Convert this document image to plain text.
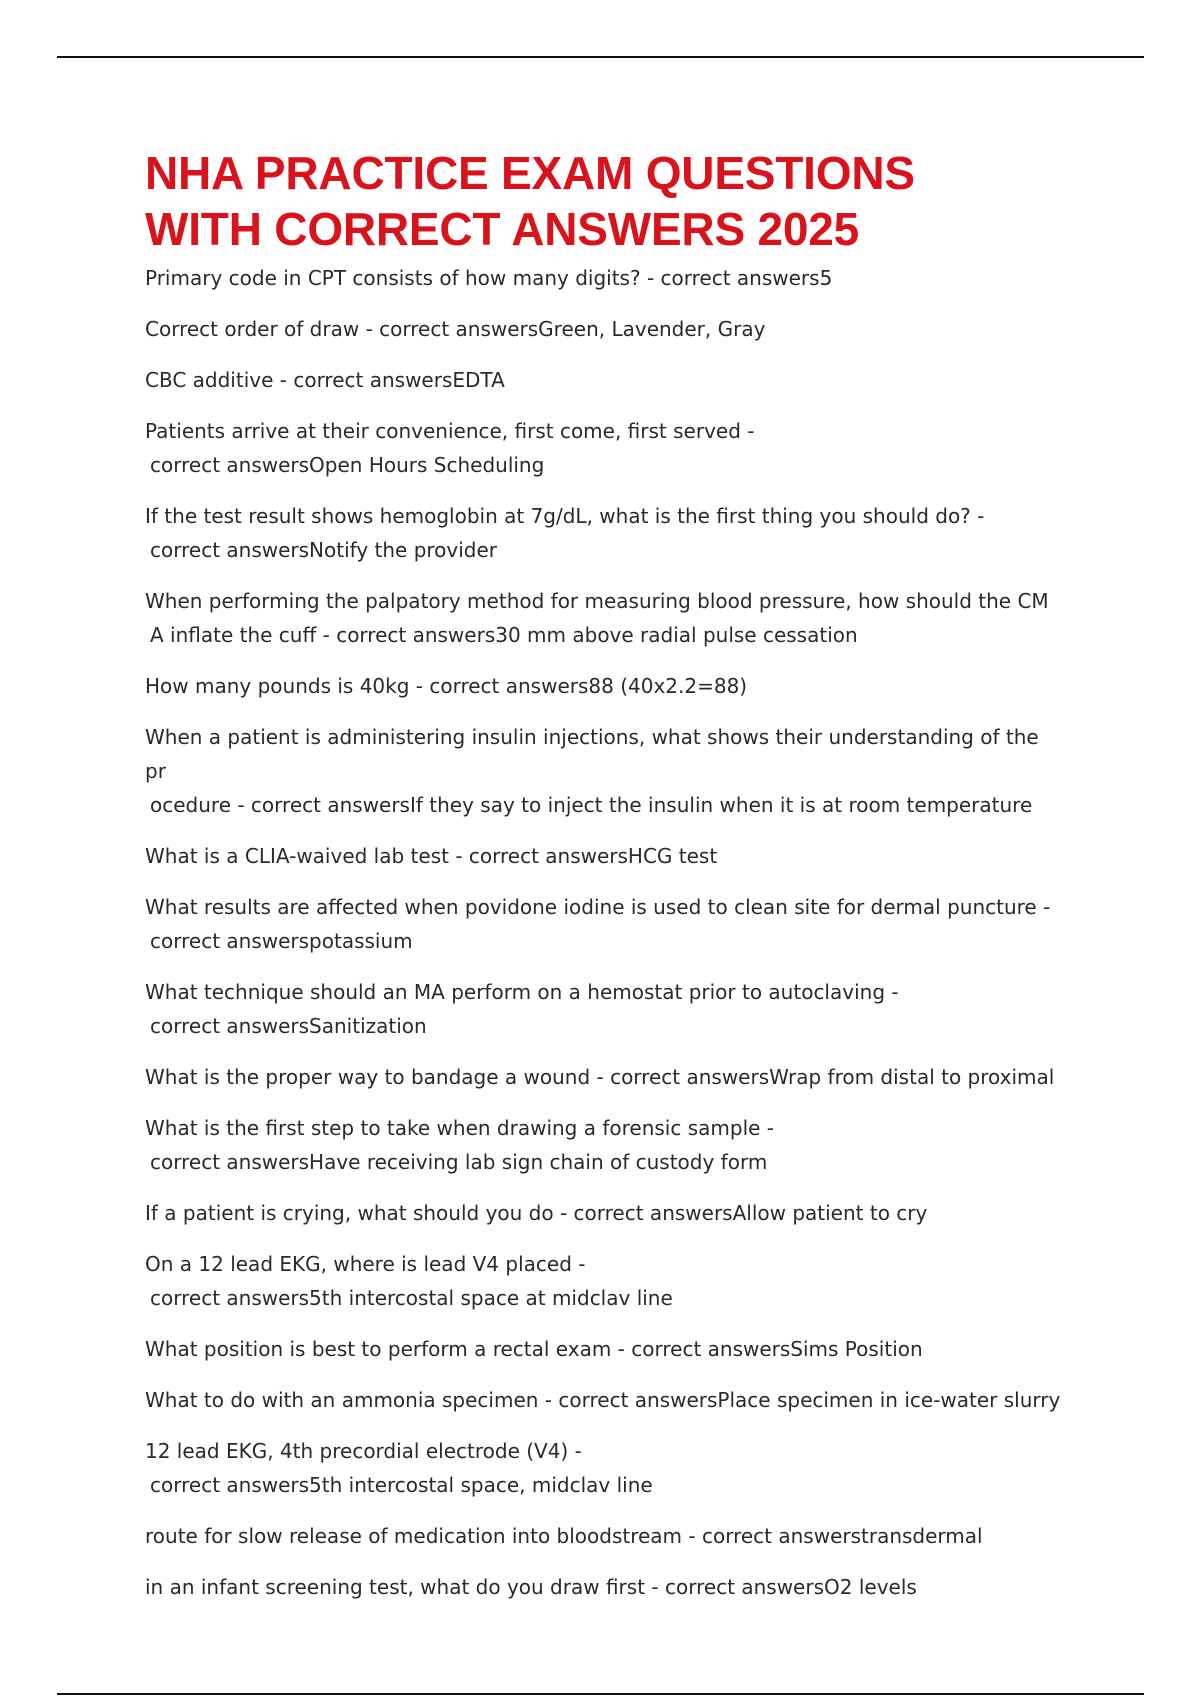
NHA PRACTICE EXAM QUESTIONS
WITH CORRECT ANSWERS 2025
Primary code in CPT consists of how many digits? - correct answers5
Correct order of draw - correct answersGreen, Lavender, Gray
CBC additive - correct answersEDTA
Patients arrive at their convenience, first come, first served -
correct answersOpen Hours Scheduling
If the test result shows hemoglobin at 7g/dL, what is the first thing you should do? -
correct answersNotify the provider
When performing the palpatory method for measuring blood pressure, how should the CM
A inflate the cuff - correct answers30 mm above radial pulse cessation
How many pounds is 40kg - correct answers88 (40x2.2=88)
When a patient is administering insulin injections, what shows their understanding of the pr
ocedure - correct answersIf they say to inject the insulin when it is at room temperature
What is a CLIA-waived lab test - correct answersHCG test
What results are affected when povidone iodine is used to clean site for dermal puncture -
correct answerspotassium
What technique should an MA perform on a hemostat prior to autoclaving -
correct answersSanitization
What is the proper way to bandage a wound - correct answersWrap from distal to proximal
What is the first step to take when drawing a forensic sample -
correct answersHave receiving lab sign chain of custody form
If a patient is crying, what should you do - correct answersAllow patient to cry
On a 12 lead EKG, where is lead V4 placed -
correct answers5th intercostal space at midclav line
What position is best to perform a rectal exam - correct answersSims Position
What to do with an ammonia specimen - correct answersPlace specimen in ice-water slurry
12 lead EKG, 4th precordial electrode (V4) -
correct answers5th intercostal space, midclav line
route for slow release of medication into bloodstream - correct answerstransdermal
in an infant screening test, what do you draw first - correct answersO2 levels
